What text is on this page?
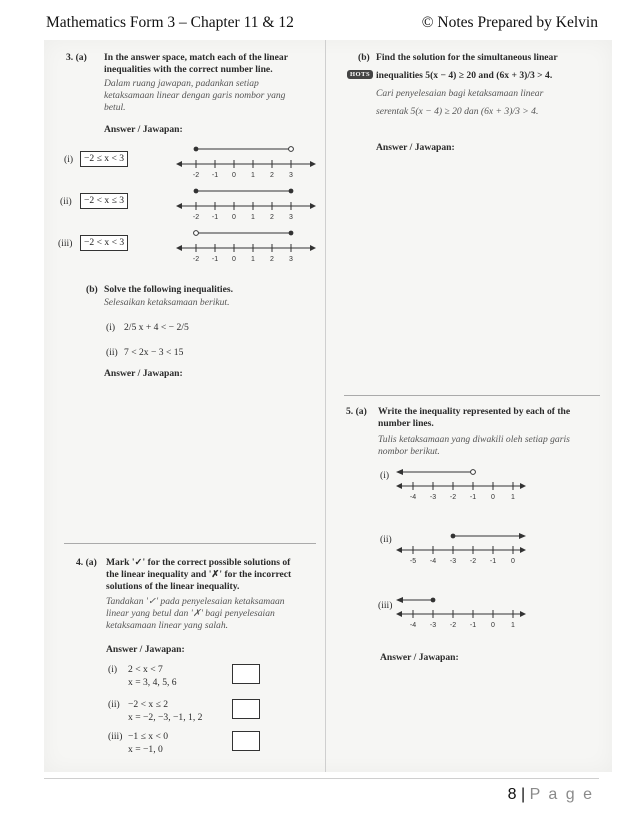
Mathematics Form 3 – Chapter 11 & 12	© Notes Prepared by Kelvin
3. (a) In the answer space, match each of the linear
inequalities with the correct number line.
Dalam ruang jawapan, padankan setiap
ketaksamaan linear dengan garis nombor yang
betul.
Answer / Jawapan:
(i)	−2 ≤ x < 3
(ii)	−2 < x ≤ 3
(iii)	−2 < x < 3
-2 -1 0 1 2 3
-2 -1 0 1 2 3
-2 -1 0 1 2 3
(b) Solve the following inequalities.
Selesaikan ketaksamaan berikut.
(i) 2/5 x + 4 < − 2/5
(ii) 7 < 2x − 3 < 15
Answer / Jawapan:
4. (a) Mark '✓' for the correct possible solutions of
the linear inequality and '✗' for the incorrect
solutions of the linear inequality.
Tandakan '✓' pada penyelesaian ketaksamaan
linear yang betul dan '✗' bagi penyelesaian
ketaksamaan linear yang salah.
Answer / Jawapan:
(i) 2 < x < 7
x = 3, 4, 5, 6
(ii) −2 < x ≤ 2
x = −2, −3, −1, 1, 2
(iii) −1 ≤ x < 0
x = −1, 0
(b) Find the solution for the simultaneous linear
HOTS inequalities 5(x − 4) ≥ 20 and (6x + 3)/3 > 4.
Cari penyelesaian bagi ketaksamaan linear
serentak 5(x − 4) ≥ 20 dan (6x + 3)/3 > 4.
Answer / Jawapan:
5. (a) Write the inequality represented by each of the
number lines.
Tulis ketaksamaan yang diwakili oleh setiap garis
nombor berikut.
(i)
-4 -3 -2 -1 0 1
(ii)
-5 -4 -3 -2 -1 0
(iii)
-4 -3 -2 -1 0 1
Answer / Jawapan:
8 | P a g e
